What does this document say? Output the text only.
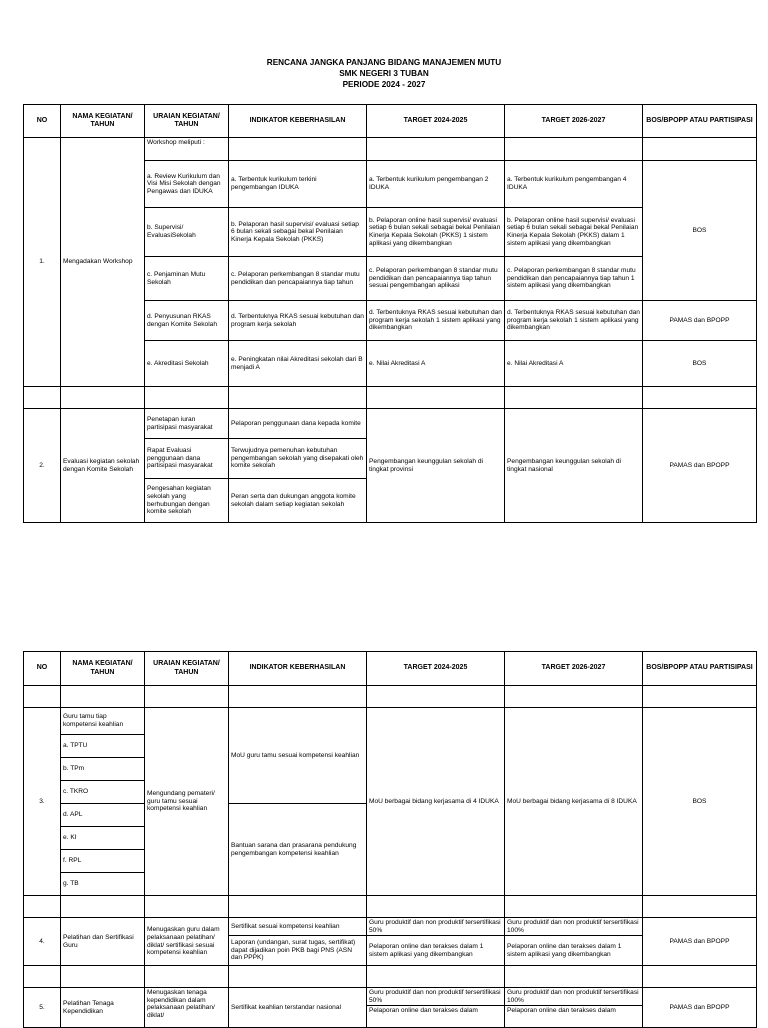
RENCANA JANGKA PANJANG BIDANG MANAJEMEN MUTU
SMK NEGERI 3 TUBAN
PERIODE 2024 - 2027
NO	NAMA KEGIATAN/ TAHUN	URAIAN KEGIATAN/ TAHUN	INDIKATOR KEBERHASILAN	TARGET 2024-2025	TARGET 2026-2027	BOS/BPOPP ATAU PARTISIPASI
1.	Mengadakan Workshop	Workshop meliputi :				
		a. Review Kurikulum dan Visi Misi Sekolah dengan Pengawas dan IDUKA	a. Terbentuk kurikulum terkini pengembangan IDUKA	a. Terbentuk kurikulum pengembangan 2 IDUKA	a. Terbentuk kurikulum pengembangan 4 IDUKA	BOS
		b. Supervisi/ EvaluasiSekolah	b. Pelaporan hasil supervisi/ evaluasi setiap 6 bulan sekali sebagai bekal Penilaian Kinerja Kepala Sekolah (PKKS)	b. Pelaporan online hasil supervisi/ evaluasi setiap 6 bulan sekali sebagai bekal Penilaian Kinerja Kepala Sekolah (PKKS) 1 sistem aplikasi yang dikembangkan	b. Pelaporan online hasil supervisi/ evaluasi setiap 6 bulan sekali sebagai bekal Penilaian Kinerja Kepala Sekolah (PKKS) dalam 1 sistem aplikasi yang dikembangkan	
		c. Penjaminan Mutu Sekolah	c. Pelaporan perkembangan 8 standar mutu pendidikan dan pencapaiannya tiap tahun	c. Pelaporan perkembangan 8 standar mutu pendidikan dan pencapaiannya tiap tahun sesuai pengembangan aplikasi	c. Pelaporan perkembangan 8 standar mutu pendidikan dan pencapaiannya tiap tahun 1 sistem aplikasi yang dikembangkan	
		d. Penyusunan RKAS dengan Komite Sekolah	d. Terbentuknya RKAS sesuai kebutuhan dan program kerja sekolah	d. Terbentuknya RKAS sesuai kebutuhan dan program kerja sekolah 1 sistem aplikasi yang dikembangkan	d. Terbentuknya RKAS sesuai kebutuhan dan program kerja sekolah 1 sistem aplikasi yang dikembangkan	PAMAS dan BPOPP
		e. Akreditasi Sekolah	e. Peningkatan nilai Akreditasi sekolah dari B menjadi A	e. Nilai Akreditasi A	e. Nilai Akreditasi A	BOS

2.	Evaluasi kegiatan sekolah dengan Komite Sekolah	Penetapan iuran partisipasi masyarakat	Pelaporan penggunaan dana kepada komite	Pengembangan keunggulan sekolah di tingkat provinsi	Pengembangan keunggulan sekolah di tingkat nasional	PAMAS dan BPOPP
		Rapat Evaluasi penggunaan dana partisipasi masyarakat	Terwujudnya pemenuhan kebutuhan pengembangan sekolah yang disepakati oleh komite sekolah			
		Pengesahan kegiatan sekolah yang berhubungan dengan komite sekolah	Peran serta dan dukungan anggota komite sekolah dalam setiap kegiatan sekolah			
NO	NAMA KEGIATAN/ TAHUN	URAIAN KEGIATAN/ TAHUN	INDIKATOR KEBERHASILAN	TARGET 2024-2025	TARGET 2026-2027	BOS/BPOPP ATAU PARTISIPASI

3.	Guru tamu tiap kompetensi keahlian	Mengundang pemateri/ guru tamu sesuai kompetensi keahlian	MoU guru tamu sesuai kompetensi keahlian	MoU berbagai bidang kerjasama di 4 IDUKA	MoU berbagai bidang kerjasama di 8 IDUKA	BOS
	a. TPTU					
	b. TPm					
	c. TKRO					
	d. APL		Bantuan sarana dan prasarana pendukung pengembangan kompetensi keahlian			
	e. KI					
	f. RPL					
	g. TB					

4.	Pelatihan dan Sertifikasi Guru	Menugaskan guru dalam pelaksanaan pelatihan/ diklat/ sertifikasi sesuai kompetensi keahlian	Sertifikat sesuai kompetensi keahlian	Guru produktif dan non produktif tersertifikasi 50%	Guru produktif dan non produktif tersertifikasi 100%	PAMAS dan BPOPP
			Laporan (undangan, surat tugas, sertifikat) dapat dijadikan poin PKB bagi PNS (ASN dan PPPK)	Pelaporan online dan terakses dalam 1 sistem aplikasi yang dikembangkan	Pelaporan online dan terakses dalam 1 sistem aplikasi yang dikembangkan	

5.	Pelatihan Tenaga Kependidikan	Menugaskan tenaga kependidikan dalam pelaksanaan pelatihan/ diklat/	Sertifikat keahlian terstandar nasional	Guru produktif dan non produktif tersertifikasi 50%	Guru produktif dan non produktif tersertifikasi 100%	PAMAS dan BPOPP
				Pelaporan online dan terakses dalam	Pelaporan online dan terakses dalam	
